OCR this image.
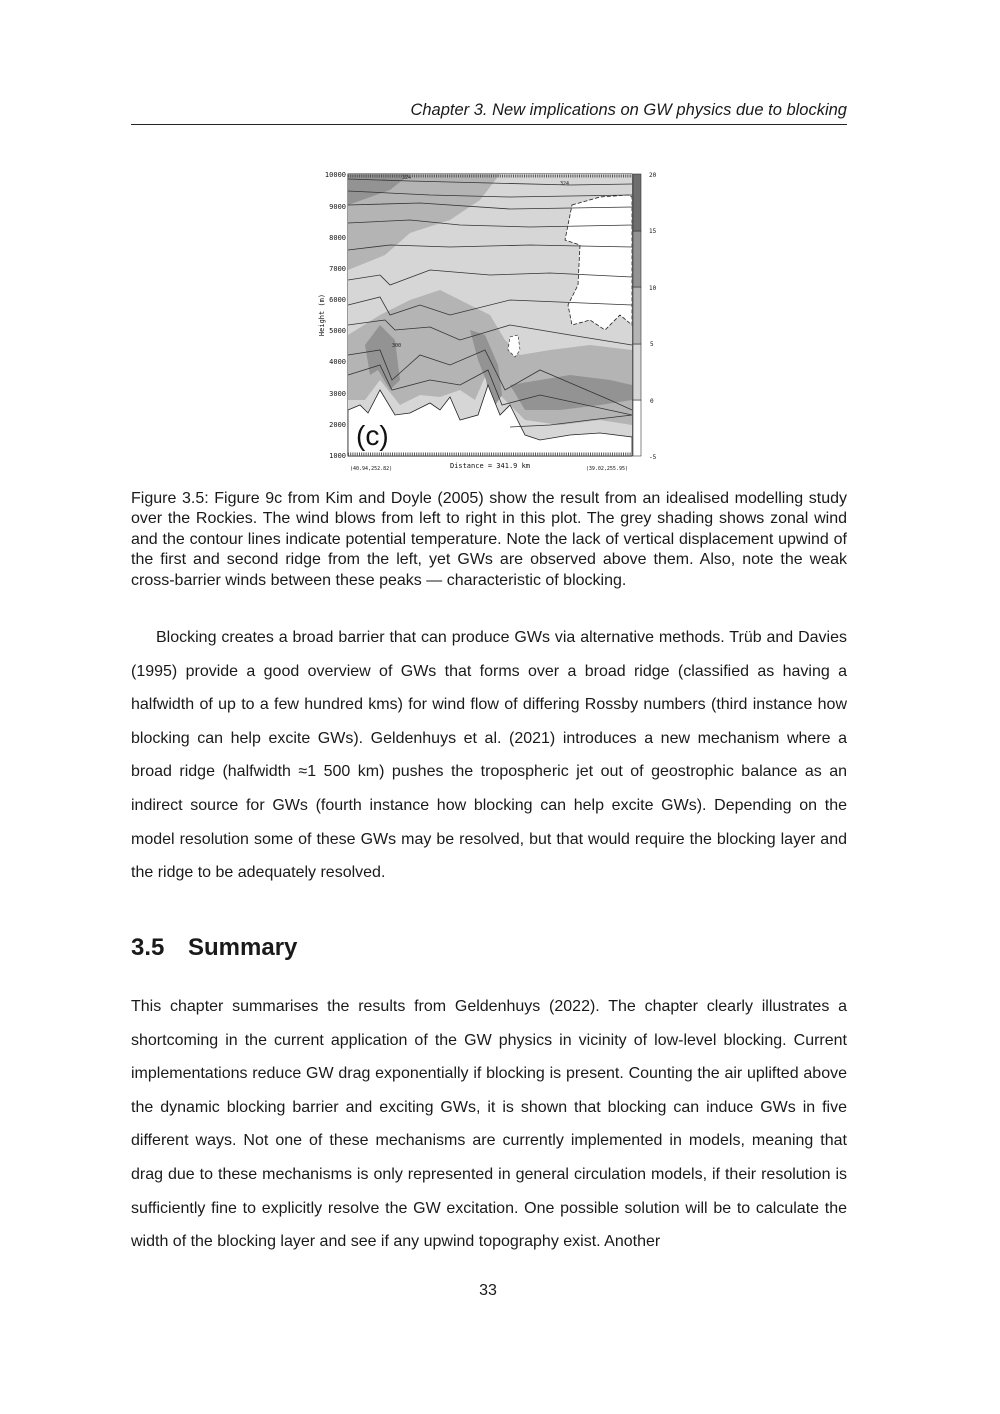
Chapter 3. New implications on GW physics due to blocking
324
324
300
(c)
1000
2000
3000
4000
5000
6000
7000
8000
9000
10000
Height (m)
(40.94,252.82)	Distance = 341.9 km	(39.02,255.95)
-5
0
5
10
15
20
Figure 3.5: Figure 9c from Kim and Doyle (2005) show the result from an idealised modelling study over the Rockies. The wind blows from left to right in this plot. The grey shading shows zonal wind and the contour lines indicate potential temperature. Note the lack of vertical displacement upwind of the first and second ridge from the left, yet GWs are observed above them. Also, note the weak cross-barrier winds between these peaks — characteristic of blocking.
Blocking creates a broad barrier that can produce GWs via alternative methods. Trüb and Davies (1995) provide a good overview of GWs that forms over a broad ridge (classified as having a halfwidth of up to a few hundred kms) for wind flow of differing Rossby numbers (third instance how blocking can help excite GWs). Geldenhuys et al. (2021) introduces a new mechanism where a broad ridge (halfwidth ≈1 500 km) pushes the tropospheric jet out of geostrophic balance as an indirect source for GWs (fourth instance how blocking can help excite GWs). Depending on the model resolution some of these GWs may be resolved, but that would require the blocking layer and the ridge to be adequately resolved.
3.5 Summary
This chapter summarises the results from Geldenhuys (2022). The chapter clearly illustrates a shortcoming in the current application of the GW physics in vicinity of low-level blocking. Current implementations reduce GW drag exponentially if blocking is present. Counting the air uplifted above the dynamic blocking barrier and exciting GWs, it is shown that blocking can induce GWs in five different ways. Not one of these mechanisms are currently implemented in models, meaning that drag due to these mechanisms is only represented in general circulation models, if their resolution is sufficiently fine to explicitly resolve the GW excitation. One possible solution will be to calculate the width of the blocking layer and see if any upwind topography exist. Another
33
